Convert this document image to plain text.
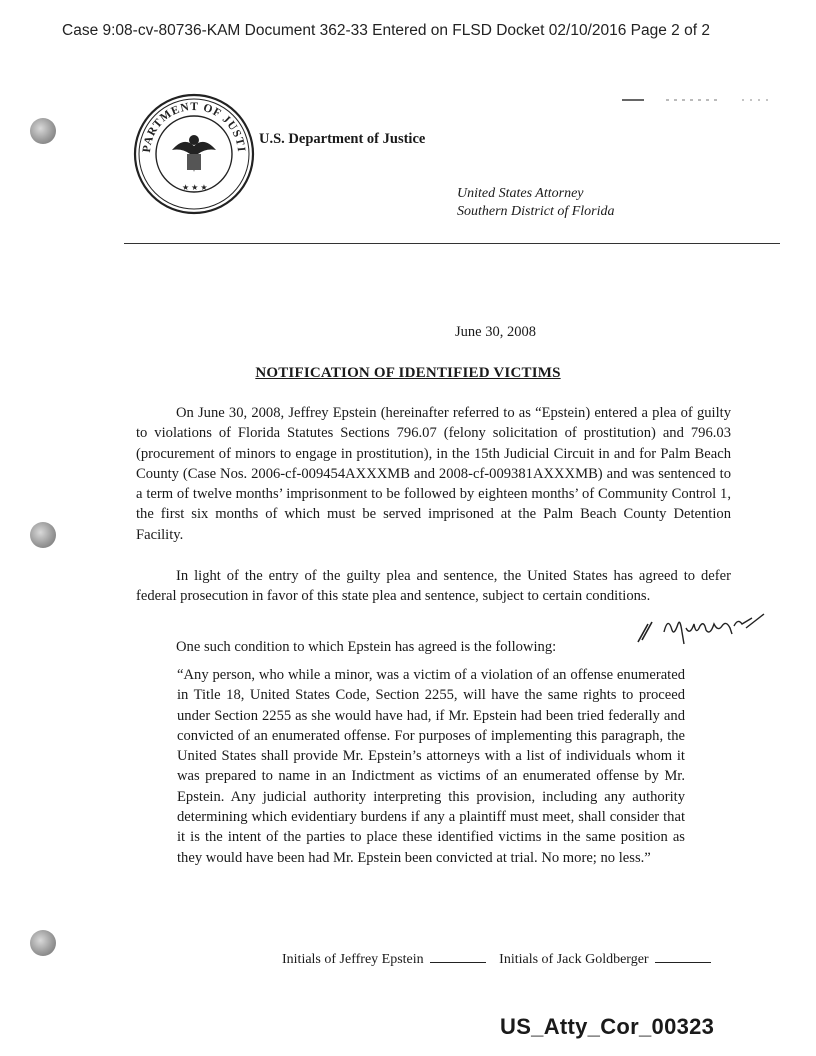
Case 9:08-cv-80736-KAM Document 362-33 Entered on FLSD Docket 02/10/2016 Page 2 of 2
PARTMENT OF JUSTI
★ ★ ★
U.S. Department of Justice
United States Attorney
Southern District of Florida
June 30, 2008
NOTIFICATION OF IDENTIFIED VICTIMS
On June 30, 2008, Jeffrey Epstein (hereinafter referred to as “Epstein) entered a plea of guilty to violations of Florida Statutes Sections 796.07 (felony solicitation of prostitution) and 796.03 (procurement of minors to engage in prostitution), in the 15th Judicial Circuit in and for Palm Beach County (Case Nos. 2006-cf-009454AXXXMB and 2008-cf-009381AXXXMB) and was sentenced to a term of twelve months’ imprisonment to be followed by eighteen months’ of Community Control 1, the first six months of which must be served imprisoned at the Palm Beach County Detention Facility.
In light of the entry of the guilty plea and sentence, the United States has agreed to defer federal prosecution in favor of this state plea and sentence, subject to certain conditions.
One such condition to which Epstein has agreed is the following:
“Any person, who while a minor, was a victim of a violation of an offense enumerated in Title 18, United States Code, Section 2255, will have the same rights to proceed under Section 2255 as she would have had, if Mr. Epstein had been tried federally and convicted of an enumerated offense. For purposes of implementing this paragraph, the United States shall provide Mr. Epstein’s attorneys with a list of individuals whom it was prepared to name in an Indictment as victims of an enumerated offense by Mr. Epstein. Any judicial authority interpreting this provision, including any authority determining which evidentiary burdens if any a plaintiff must meet, shall consider that it is the intent of the parties to place these identified victims in the same position as they would have been had Mr. Epstein been convicted at trial. No more; no less.”
Initials of Jeffrey Epstein	Initials of Jack Goldberger
US_Atty_Cor_00323
